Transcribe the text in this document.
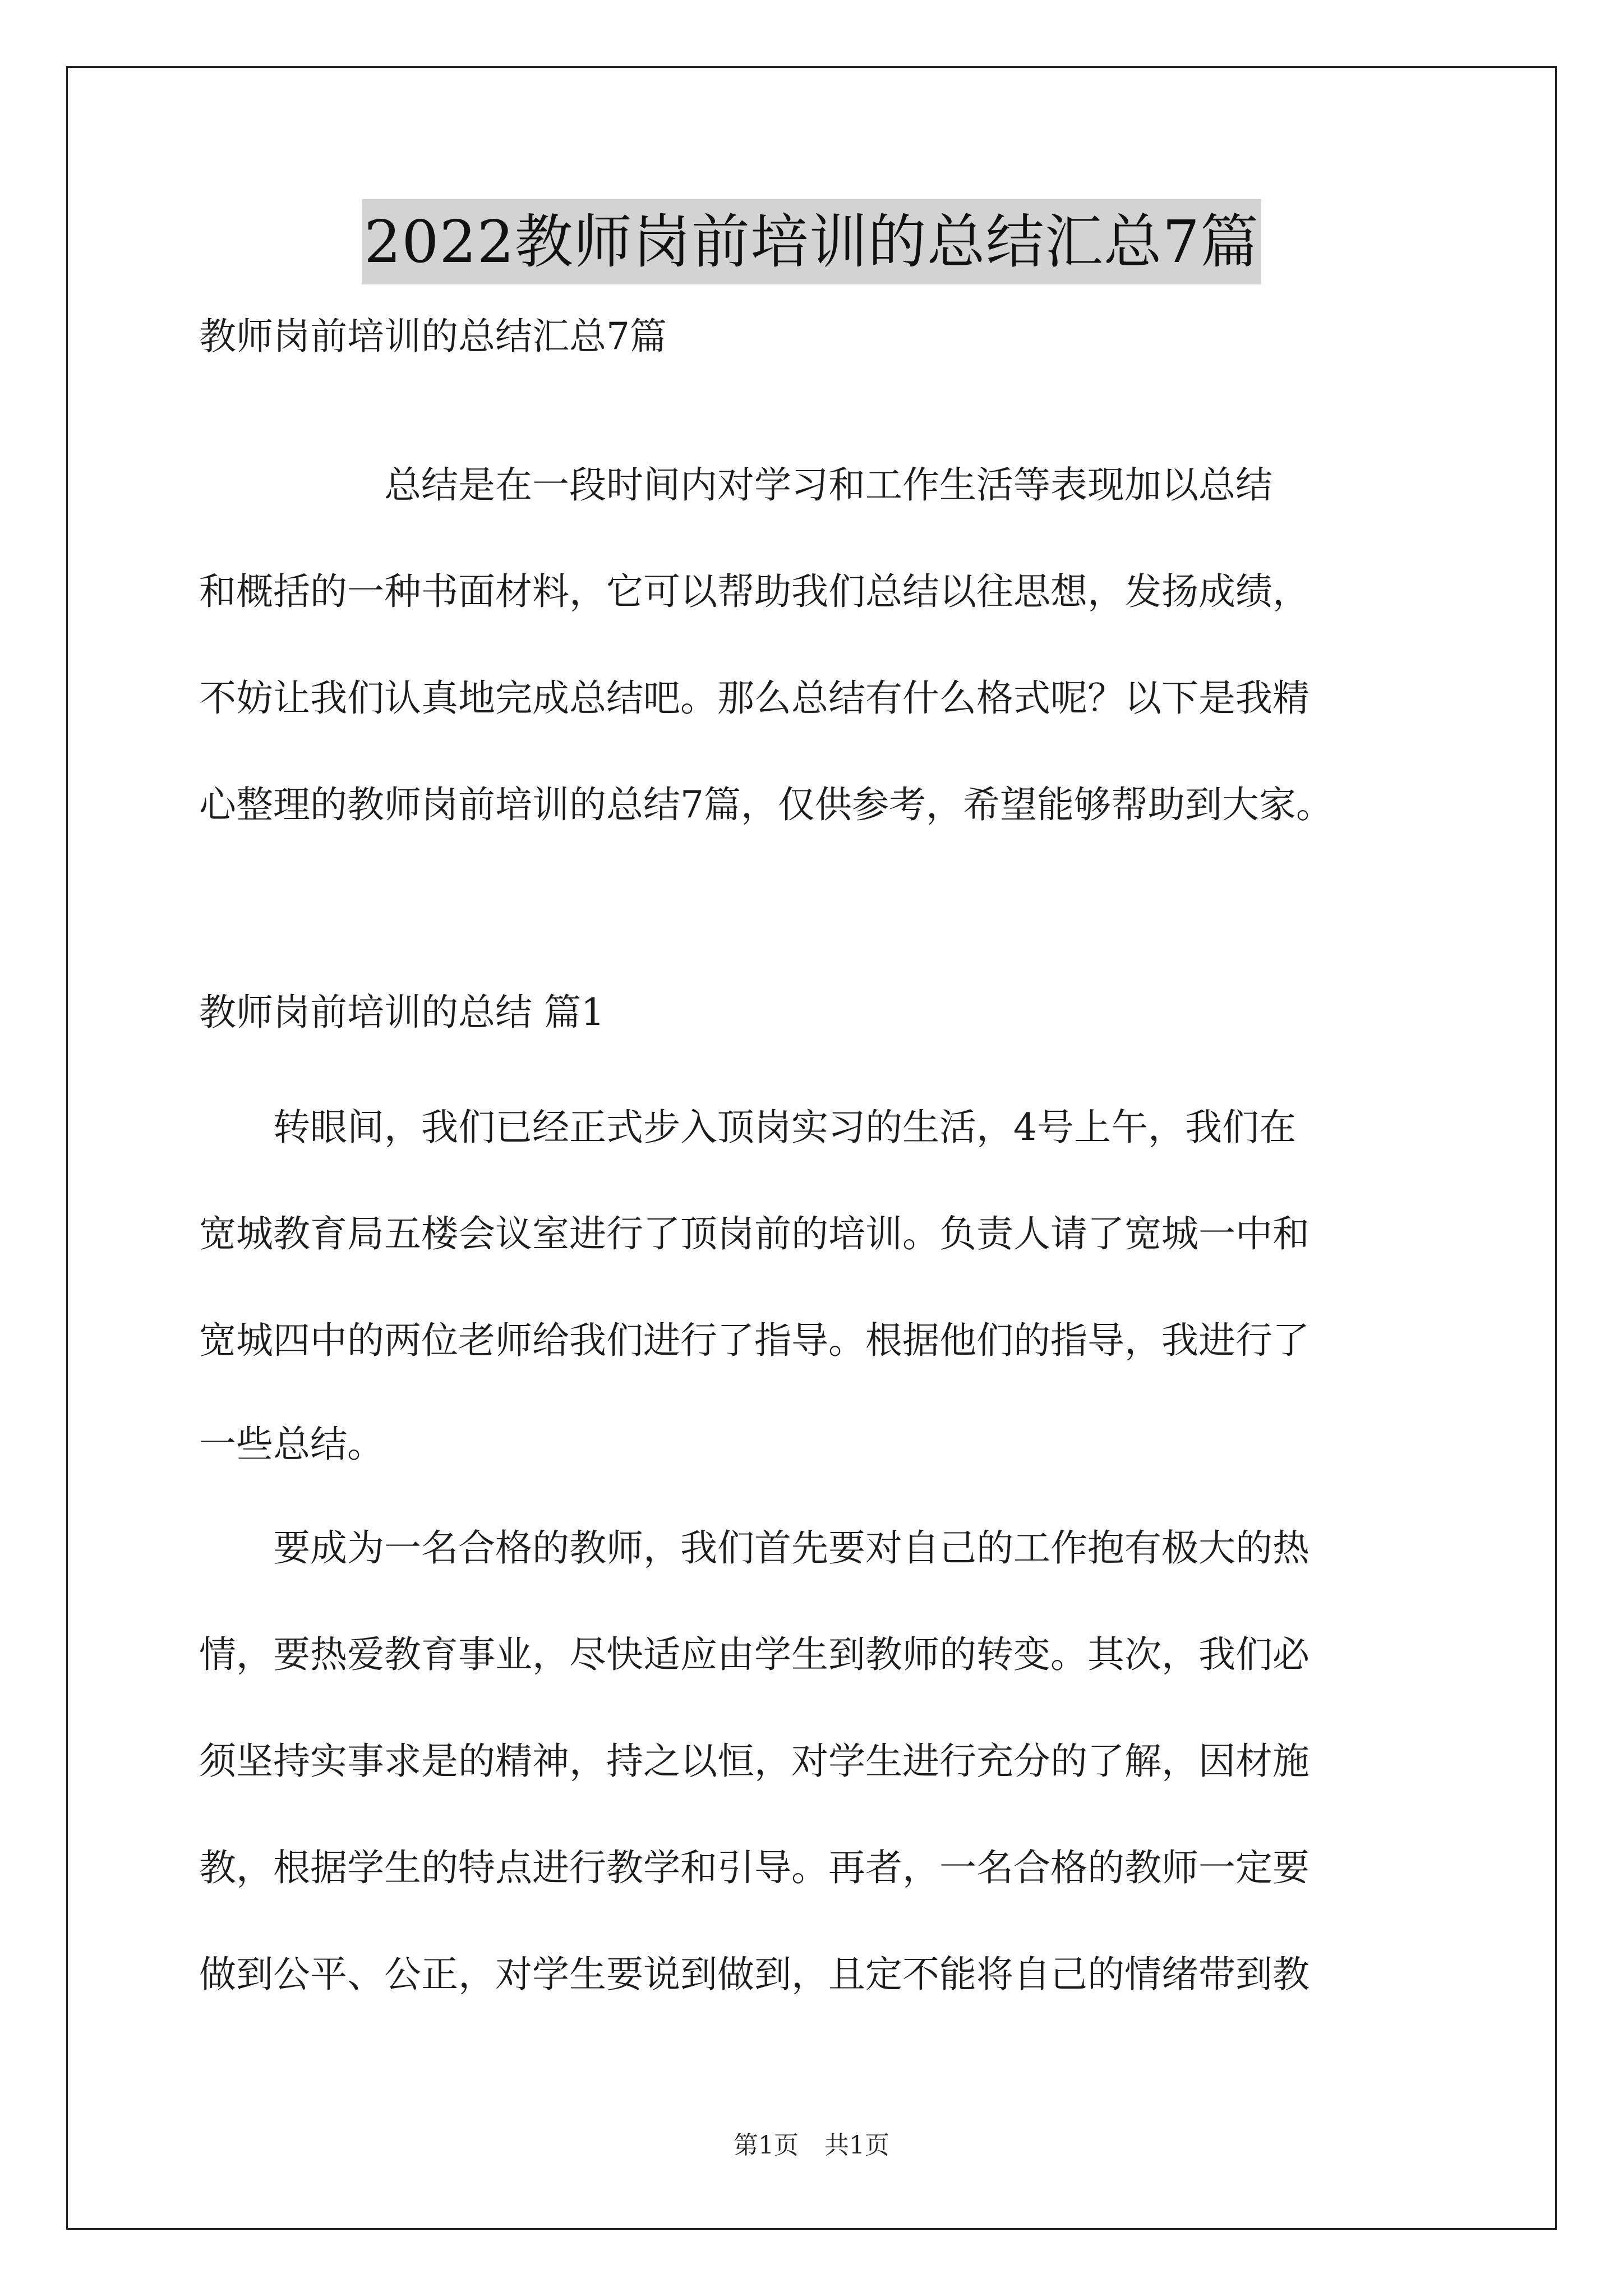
2022教师岗前培训的总结汇总7篇
教师岗前培训的总结汇总7篇
　　　　　总结是在一段时间内对学习和工作生活等表现加以总结
和概括的一种书面材料，它可以帮助我们总结以往思想，发扬成绩，
不妨让我们认真地完成总结吧。那么总结有什么格式呢？以下是我精
心整理的教师岗前培训的总结7篇，仅供参考，希望能够帮助到大家。
教师岗前培训的总结 篇1
　　转眼间，我们已经正式步入顶岗实习的生活，4号上午，我们在
宽城教育局五楼会议室进行了顶岗前的培训。负责人请了宽城一中和
宽城四中的两位老师给我们进行了指导。根据他们的指导，我进行了
一些总结。
　　要成为一名合格的教师，我们首先要对自己的工作抱有极大的热
情，要热爱教育事业，尽快适应由学生到教师的转变。其次，我们必
须坚持实事求是的精神，持之以恒，对学生进行充分的了解，因材施
教，根据学生的特点进行教学和引导。再者，一名合格的教师一定要
做到公平、公正，对学生要说到做到，且定不能将自己的情绪带到教
第1页 共1页
